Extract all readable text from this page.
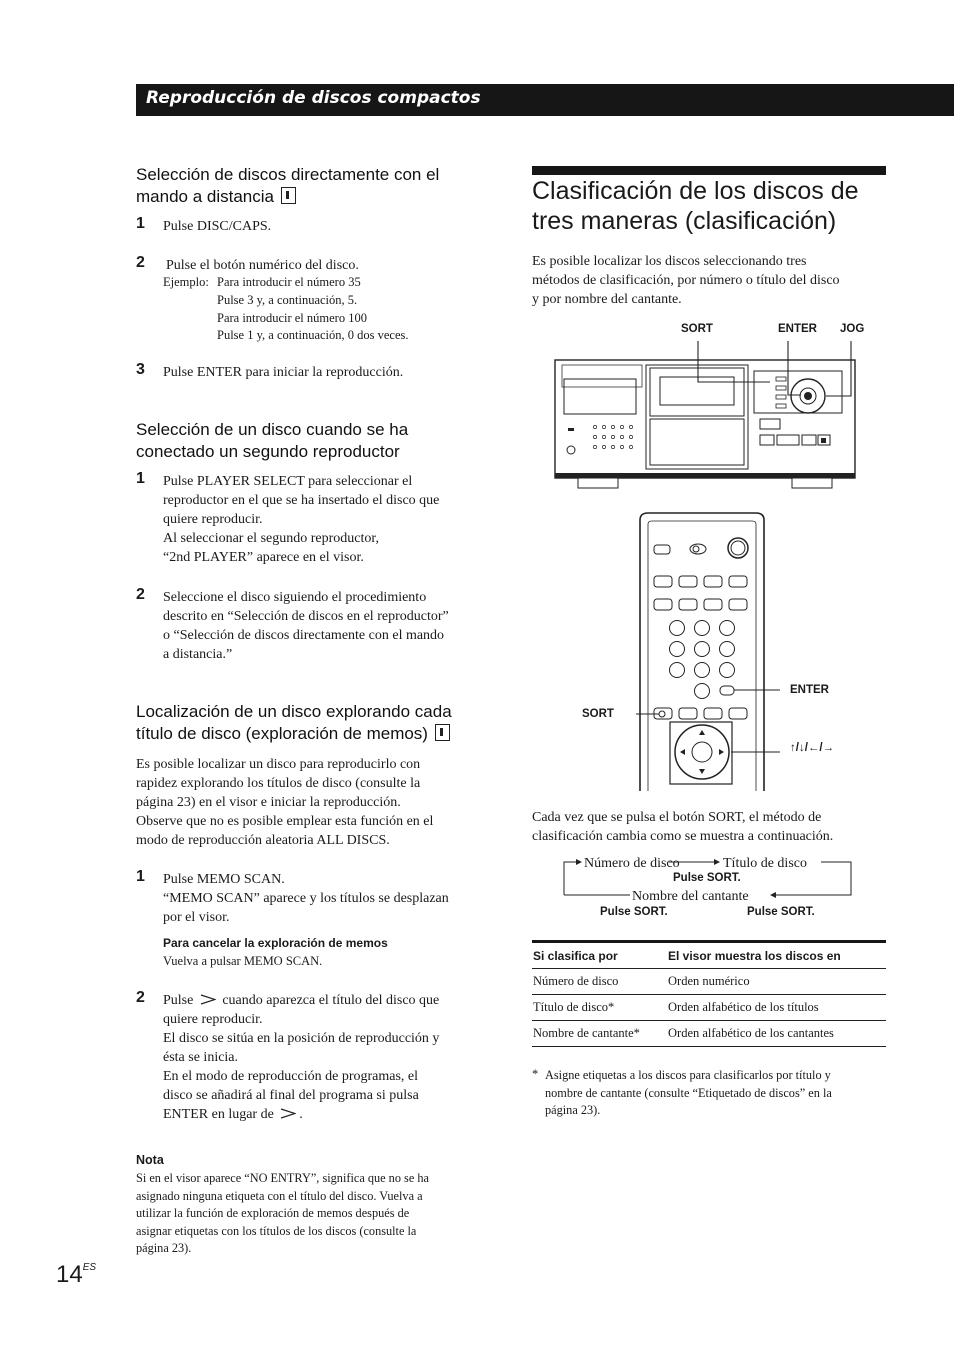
Reproducción de discos compactos
Selección de discos directamente con el mando a distancia
1 Pulse DISC/CAPS.
2 Pulse el botón numérico del disco.
Ejemplo: Para introducir el número 35
Pulse 3 y, a continuación, 5.
Para introducir el número 100
Pulse 1 y, a continuación, 0 dos veces.
3 Pulse ENTER para iniciar la reproducción.
Selección de un disco cuando se ha conectado un segundo reproductor
1 Pulse PLAYER SELECT para seleccionar el
reproductor en el que se ha insertado el disco que
quiere reproducir.
Al seleccionar el segundo reproductor,
“2nd PLAYER” aparece en el visor.
2 Seleccione el disco siguiendo el procedimiento
descrito en “Selección de discos en el reproductor”
o “Selección de discos directamente con el mando
a distancia.”
Localización de un disco explorando cada título de disco (exploración de memos)
Es posible localizar un disco para reproducirlo con
rapidez explorando los títulos de disco (consulte la
página 23) en el visor e iniciar la reproducción.
Observe que no es posible emplear esta función en el
modo de reproducción aleatoria ALL DISCS.
1 Pulse MEMO SCAN.
“MEMO SCAN” aparece y los títulos se desplazan
por el visor.
Para cancelar la exploración de memos
Vuelva a pulsar MEMO SCAN.
2 Pulse cuando aparezca el título del disco que
quiere reproducir.
El disco se sitúa en la posición de reproducción y
ésta se inicia.
En el modo de reproducción de programas, el
disco se añadirá al final del programa si pulsa
ENTER en lugar de .
Nota
Si en el visor aparece “NO ENTRY”, significa que no se ha
asignado ninguna etiqueta con el título del disco. Vuelva a
utilizar la función de exploración de memos después de
asignar etiquetas con los títulos de los discos (consulte la
página 23).
$14^{ES}$
Clasificación de los discos de
tres maneras (clasificación)
Es posible localizar los discos seleccionando tres
métodos de clasificación, por número o título del disco
y por nombre del cantante.
SORT	ENTER JOG
ENTER
SORT
↑/↓/←/→
Cada vez que se pulsa el botón SORT, el método de
clasificación cambia como se muestra a continuación.
Número de disco	Título de disco
Nombre del cantante
Pulse SORT.
Pulse SORT.	Pulse SORT.
Si clasifica por	El visor muestra los discos en
Número de disco	Orden numérico
Título de disco*	Orden alfabético de los títulos
Nombre de cantante*	Orden alfabético de los cantantes
* Asigne etiquetas a los discos para clasificarlos por título y
nombre de cantante (consulte “Etiquetado de discos” en la
página 23).
